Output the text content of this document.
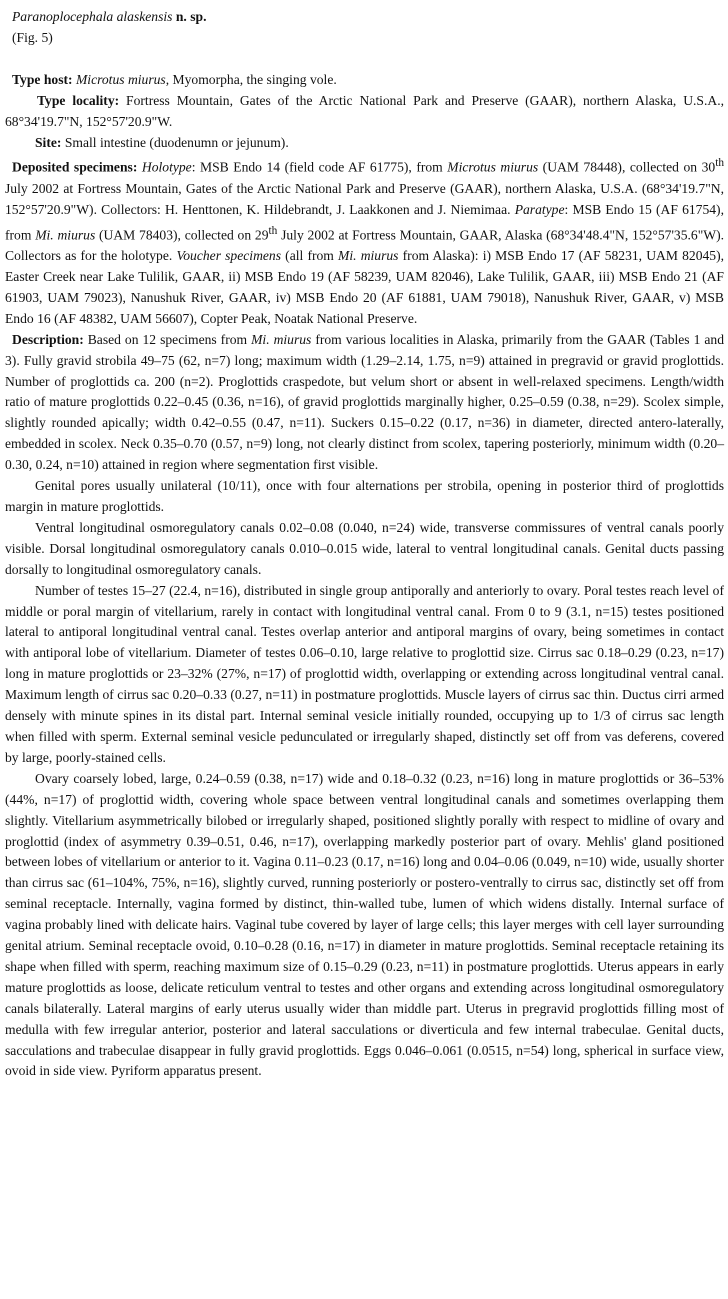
Paranoplocephala alaskensis n. sp.

(Fig. 5)

Type host: Microtus miurus, Myomorpha, the singing vole.

Type locality: Fortress Mountain, Gates of the Arctic National Park and Preserve (GAAR), northern Alaska, U.S.A., 68°34'19.7"N, 152°57'20.9"W.

Site: Small intestine (duodenumn or jejunum).

Deposited specimens: Holotype: MSB Endo 14 (field code AF 61775), from Microtus miurus (UAM 78448), collected on 30th July 2002 at Fortress Mountain, Gates of the Arctic National Park and Preserve (GAAR), northern Alaska, U.S.A. (68°34'19.7"N, 152°57'20.9"W). Collectors: H. Henttonen, K. Hildebrandt, J. Laakkonen and J. Niemimaa. Paratype: MSB Endo 15 (AF 61754), from Mi. miurus (UAM 78403), collected on 29th July 2002 at Fortress Mountain, GAAR, Alaska (68°34'48.4"N, 152°57'35.6"W). Collectors as for the holotype. Voucher specimens (all from Mi. miurus from Alaska): i) MSB Endo 17 (AF 58231, UAM 82045), Easter Creek near Lake Tulilik, GAAR, ii) MSB Endo 19 (AF 58239, UAM 82046), Lake Tulilik, GAAR, iii) MSB Endo 21 (AF 61903, UAM 79023), Nanushuk River, GAAR, iv) MSB Endo 20 (AF 61881, UAM 79018), Nanushuk River, GAAR, v) MSB Endo 16 (AF 48382, UAM 56607), Copter Peak, Noatak National Preserve.

Description: Based on 12 specimens from Mi. miurus from various localities in Alaska, primarily from the GAAR (Tables 1 and 3). Fully gravid strobila 49–75 (62, n=7) long; maximum width (1.29–2.14, 1.75, n=9) attained in pregravid or gravid proglottids. Number of proglottids ca. 200 (n=2). Proglottids craspedote, but velum short or absent in well-relaxed specimens. Length/width ratio of mature proglottids 0.22–0.45 (0.36, n=16), of gravid proglottids marginally higher, 0.25–0.59 (0.38, n=29). Scolex simple, slightly rounded apically; width 0.42–0.55 (0.47, n=11). Suckers 0.15–0.22 (0.17, n=36) in diameter, directed antero-laterally, embedded in scolex. Neck 0.35–0.70 (0.57, n=9) long, not clearly distinct from scolex, tapering posteriorly, minimum width (0.20–0.30, 0.24, n=10) attained in region where segmentation first visible.

Genital pores usually unilateral (10/11), once with four alternations per strobila, opening in posterior third of proglottids margin in mature proglottids.

Ventral longitudinal osmoregulatory canals 0.02–0.08 (0.040, n=24) wide, transverse commissures of ventral canals poorly visible. Dorsal longitudinal osmoregulatory canals 0.010–0.015 wide, lateral to ventral longitudinal canals. Genital ducts passing dorsally to longitudinal osmoregulatory canals.

Number of testes 15–27 (22.4, n=16), distributed in single group antiporally and anteriorly to ovary. Poral testes reach level of middle or poral margin of vitellarium, rarely in contact with longitudinal ventral canal. From 0 to 9 (3.1, n=15) testes positioned lateral to antiporal longitudinal ventral canal. Testes overlap anterior and antiporal margins of ovary, being sometimes in contact with antiporal lobe of vitellarium. Diameter of testes 0.06–0.10, large relative to proglottid size. Cirrus sac 0.18–0.29 (0.23, n=17) long in mature proglottids or 23–32% (27%, n=17) of proglottid width, overlapping or extending across longitudinal ventral canal. Maximum length of cirrus sac 0.20–0.33 (0.27, n=11) in postmature proglottids. Muscle layers of cirrus sac thin. Ductus cirri armed densely with minute spines in its distal part. Internal seminal vesicle initially rounded, occupying up to 1/3 of cirrus sac length when filled with sperm. External seminal vesicle pedunculated or irregularly shaped, distinctly set off from vas deferens, covered by large, poorly-stained cells.

Ovary coarsely lobed, large, 0.24–0.59 (0.38, n=17) wide and 0.18–0.32 (0.23, n=16) long in mature proglottids or 36–53% (44%, n=17) of proglottid width, covering whole space between ventral longitudinal canals and sometimes overlapping them slightly. Vitellarium asymmetrically bilobed or irregularly shaped, positioned slightly porally with respect to midline of ovary and proglottid (index of asymmetry 0.39–0.51, 0.46, n=17), overlapping markedly posterior part of ovary. Mehlis' gland positioned between lobes of vitellarium or anterior to it. Vagina 0.11–0.23 (0.17, n=16) long and 0.04–0.06 (0.049, n=10) wide, usually shorter than cirrus sac (61–104%, 75%, n=16), slightly curved, running posteriorly or postero-ventrally to cirrus sac, distinctly set off from seminal receptacle. Internally, vagina formed by distinct, thin-walled tube, lumen of which widens distally. Internal surface of vagina probably lined with delicate hairs. Vaginal tube covered by layer of large cells; this layer merges with cell layer surrounding genital atrium. Seminal receptacle ovoid, 0.10–0.28 (0.16, n=17) in diameter in mature proglottids. Seminal receptacle retaining its shape when filled with sperm, reaching maximum size of 0.15–0.29 (0.23, n=11) in postmature proglottids. Uterus appears in early mature proglottids as loose, delicate reticulum ventral to testes and other organs and extending across longitudinal osmoregulatory canals bilaterally. Lateral margins of early uterus usually wider than middle part. Uterus in pregravid proglottids filling most of medulla with few irregular anterior, posterior and lateral sacculations or diverticula and few internal trabeculae. Genital ducts, sacculations and trabeculae disappear in fully gravid proglottids. Eggs 0.046–0.061 (0.0515, n=54) long, spherical in surface view, ovoid in side view. Pyriform apparatus present.
